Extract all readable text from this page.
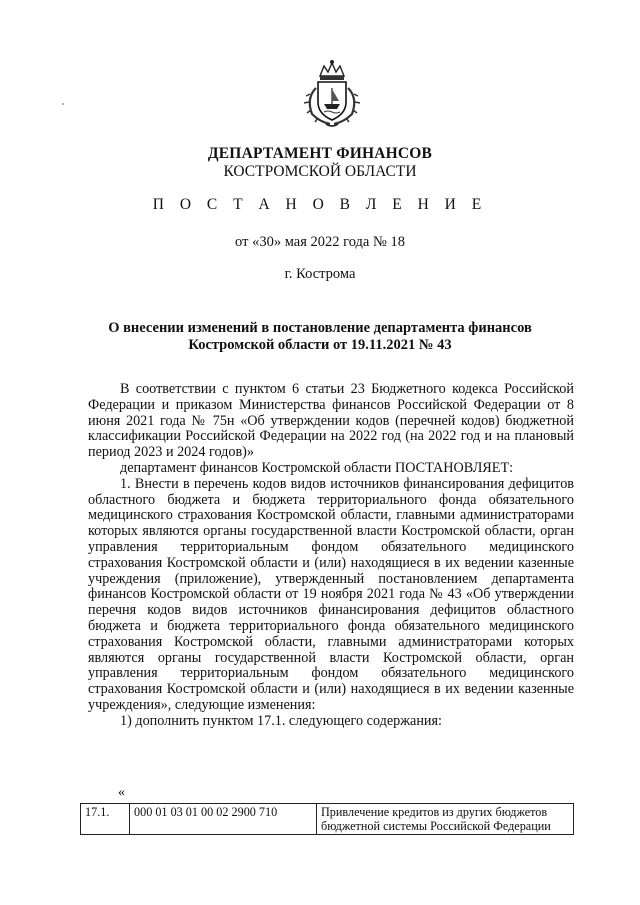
ДЕПАРТАМЕНТ ФИНАНСОВ
КОСТРОМСКОЙ ОБЛАСТИ
П О С Т А Н О В Л Е Н И Е
от «30» мая 2022 года № 18
г. Кострома
О внесении изменений в постановление департамента финансов
Костромской области от 19.11.2021 № 43

В соответствии с пунктом 6 статьи 23 Бюджетного кодекса Российской Федерации и приказом Министерства финансов Российской Федерации от 8 июня 2021 года № 75н «Об утверждении кодов (перечней кодов) бюджетной классификации Российской Федерации на 2022 год (на 2022 год и на плановый период 2023 и 2024 годов)»

департамент финансов Костромской области ПОСТАНОВЛЯЕТ:

1. Внести в перечень кодов видов источников финансирования дефицитов областного бюджета и бюджета территориального фонда обязательного медицинского страхования Костромской области, главными администраторами которых являются органы государственной власти Костромской области, орган управления территориальным фондом обязательного медицинского страхования Костромской области и (или) находящиеся в их ведении казенные учреждения (приложение), утвержденный постановлением департамента финансов Костромской области от 19 ноября 2021 года № 43 «Об утверждении перечня кодов видов источников финансирования дефицитов областного бюджета и бюджета территориального фонда обязательного медицинского страхования Костромской области, главными администраторами которых являются органы государственной власти Костромской области, орган управления территориальным фондом обязательного медицинского страхования Костромской области и (или) находящиеся в их ведении казенные учреждения», следующие изменения:

1) дополнить пунктом 17.1. следующего содержания:

«
17.1.	000 01 03 01 00 02 2900 710	Привлечение кредитов из других бюджетов бюджетной системы Российской Федерации
